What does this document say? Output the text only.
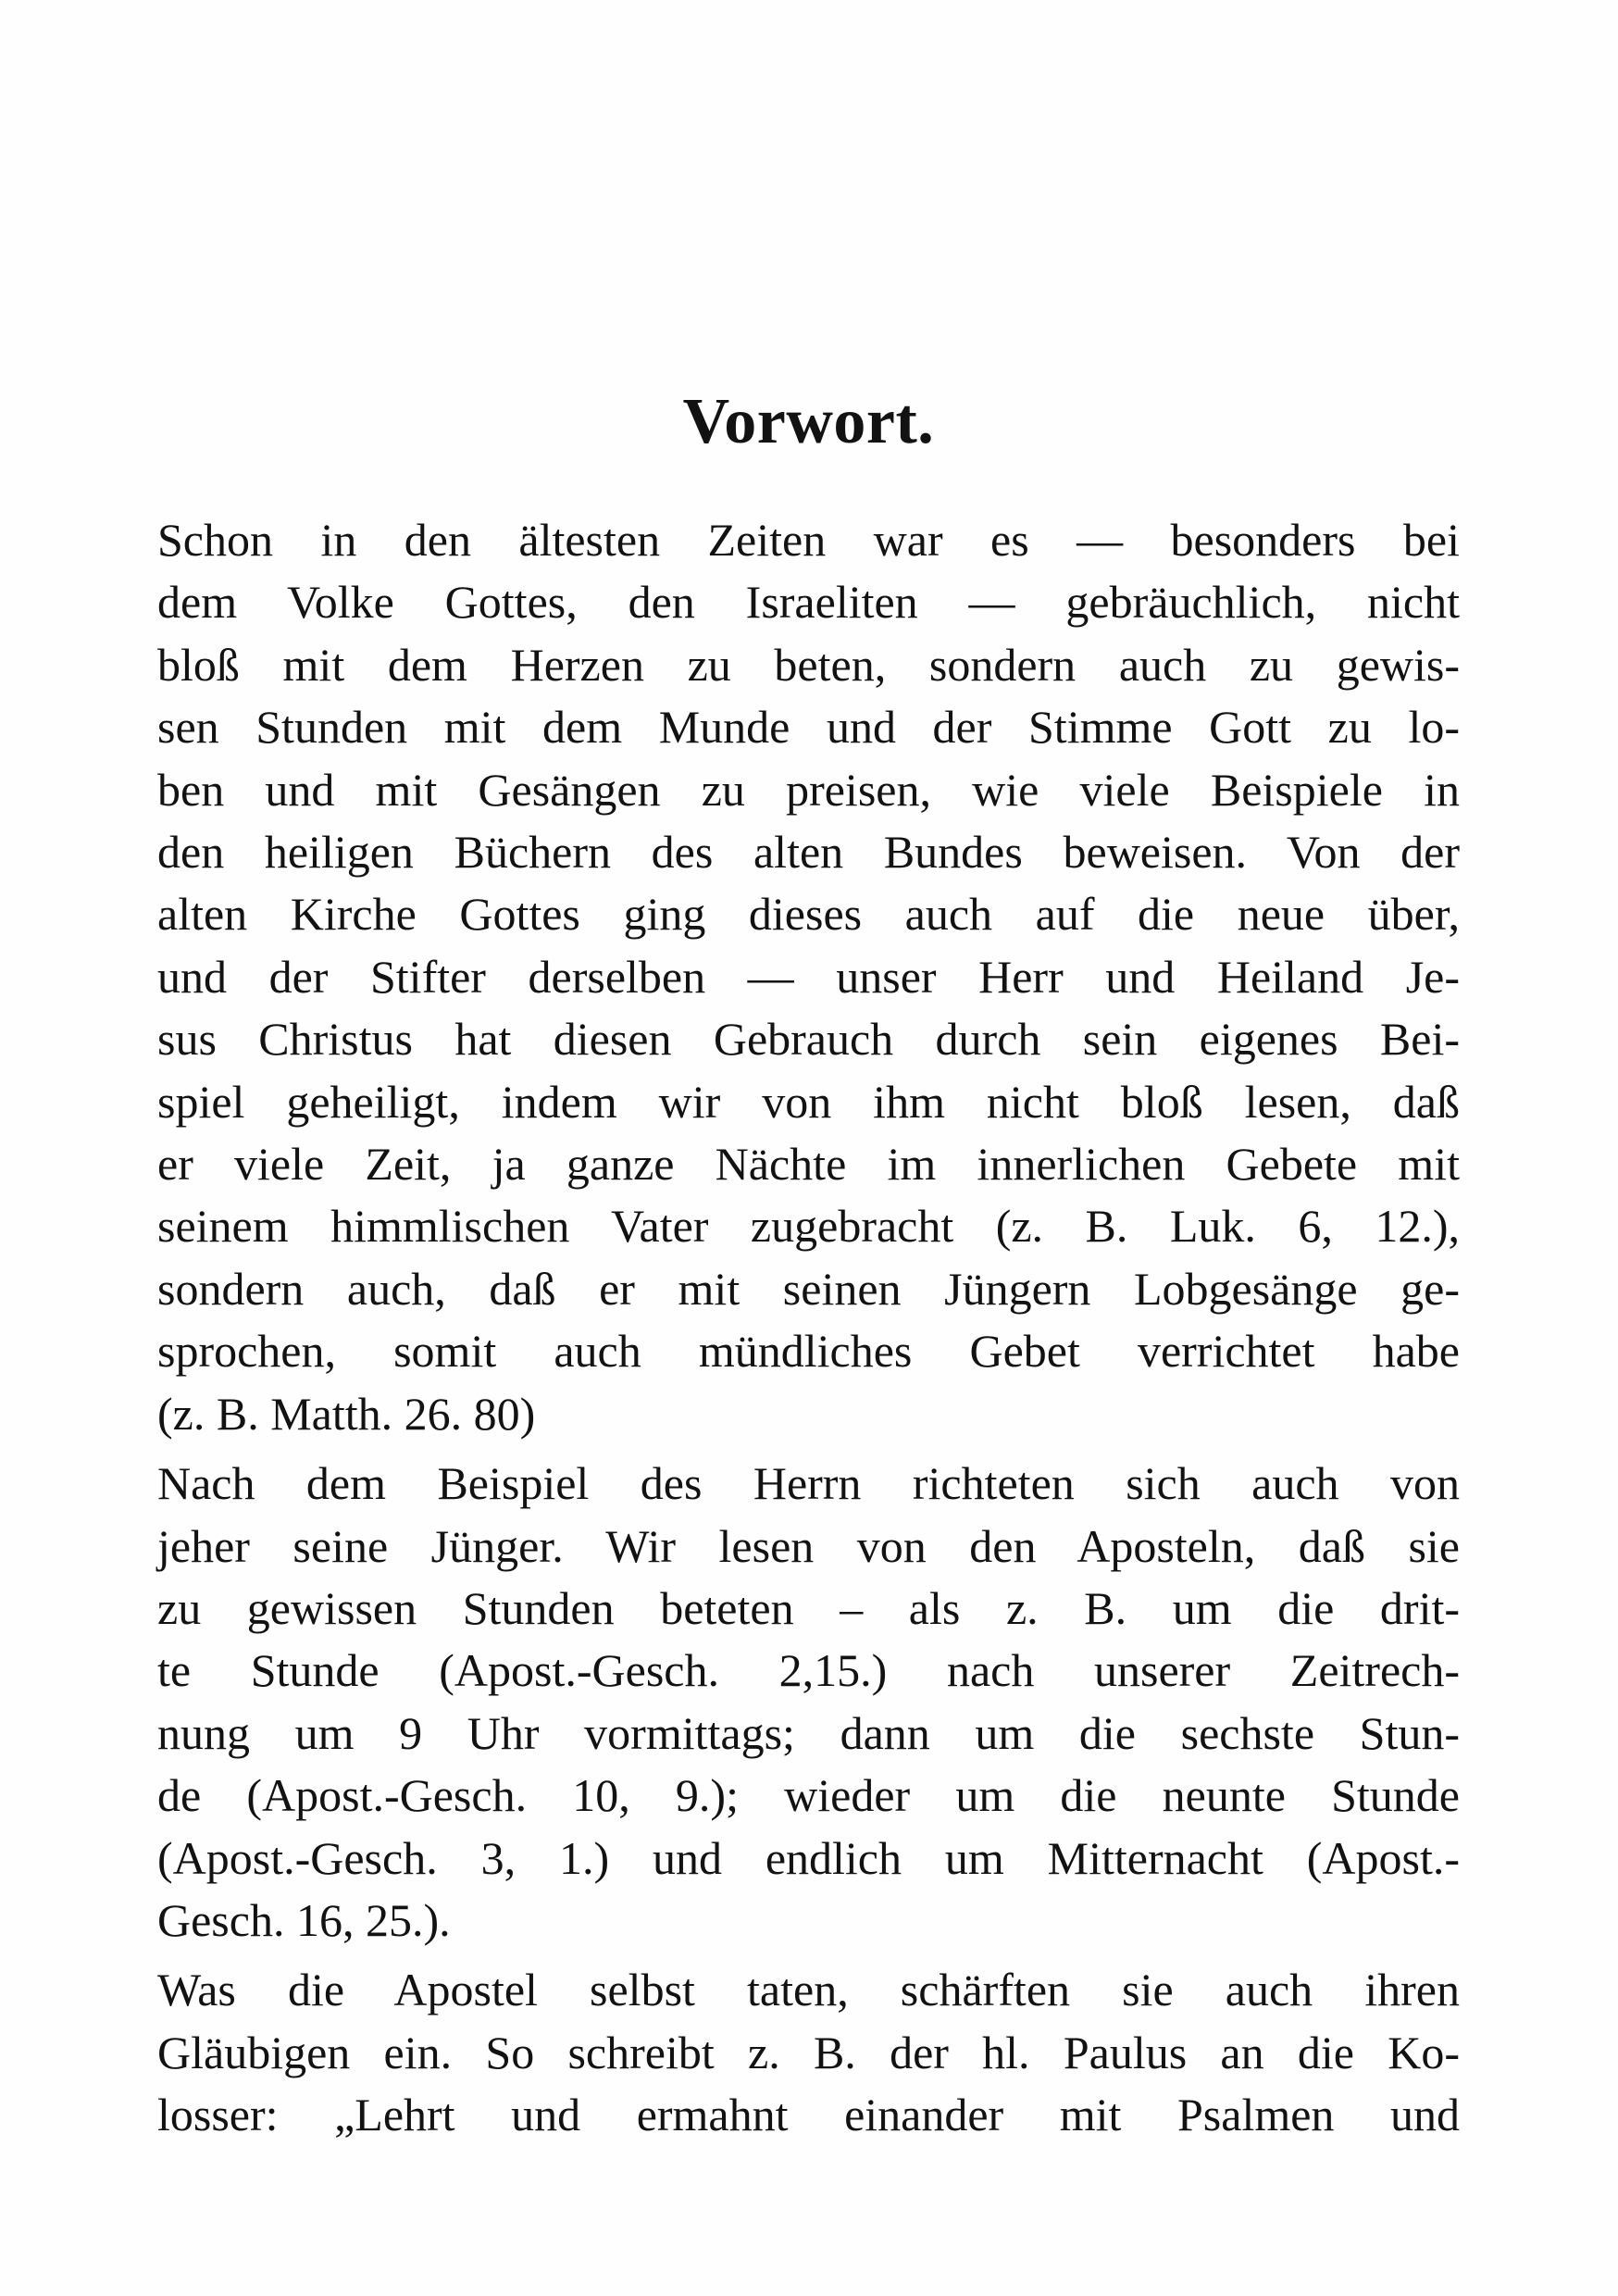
Vorwort.
Schon in den ältesten Zeiten war es — besonders bei
dem Volke Gottes, den Israeliten — gebräuchlich, nicht
bloß mit dem Herzen zu beten, sondern auch zu gewis-
sen Stunden mit dem Munde und der Stimme Gott zu lo-
ben und mit Gesängen zu preisen, wie viele Beispiele in
den heiligen Büchern des alten Bundes beweisen. Von der
alten Kirche Gottes ging dieses auch auf die neue über,
und der Stifter derselben — unser Herr und Heiland Je-
sus Christus hat diesen Gebrauch durch sein eigenes Bei-
spiel geheiligt, indem wir von ihm nicht bloß lesen, daß
er viele Zeit, ja ganze Nächte im innerlichen Gebete mit
seinem himmlischen Vater zugebracht (z. B. Luk. 6, 12.),
sondern auch, daß er mit seinen Jüngern Lobgesänge ge-
sprochen, somit auch mündliches Gebet verrichtet habe
(z. B. Matth. 26. 80)
Nach dem Beispiel des Herrn richteten sich auch von
jeher seine Jünger. Wir lesen von den Aposteln, daß sie
zu gewissen Stunden beteten – als z. B. um die drit-
te Stunde (Apost.-Gesch. 2,15.) nach unserer Zeitrech-
nung um 9 Uhr vormittags; dann um die sechste Stun-
de (Apost.-Gesch. 10, 9.); wieder um die neunte Stunde
(Apost.-Gesch. 3, 1.) und endlich um Mitternacht (Apost.-
Gesch. 16, 25.).
Was die Apostel selbst taten, schärften sie auch ihren
Gläubigen ein. So schreibt z. B. der hl. Paulus an die Ko-
losser: „Lehrt und ermahnt einander mit Psalmen und
